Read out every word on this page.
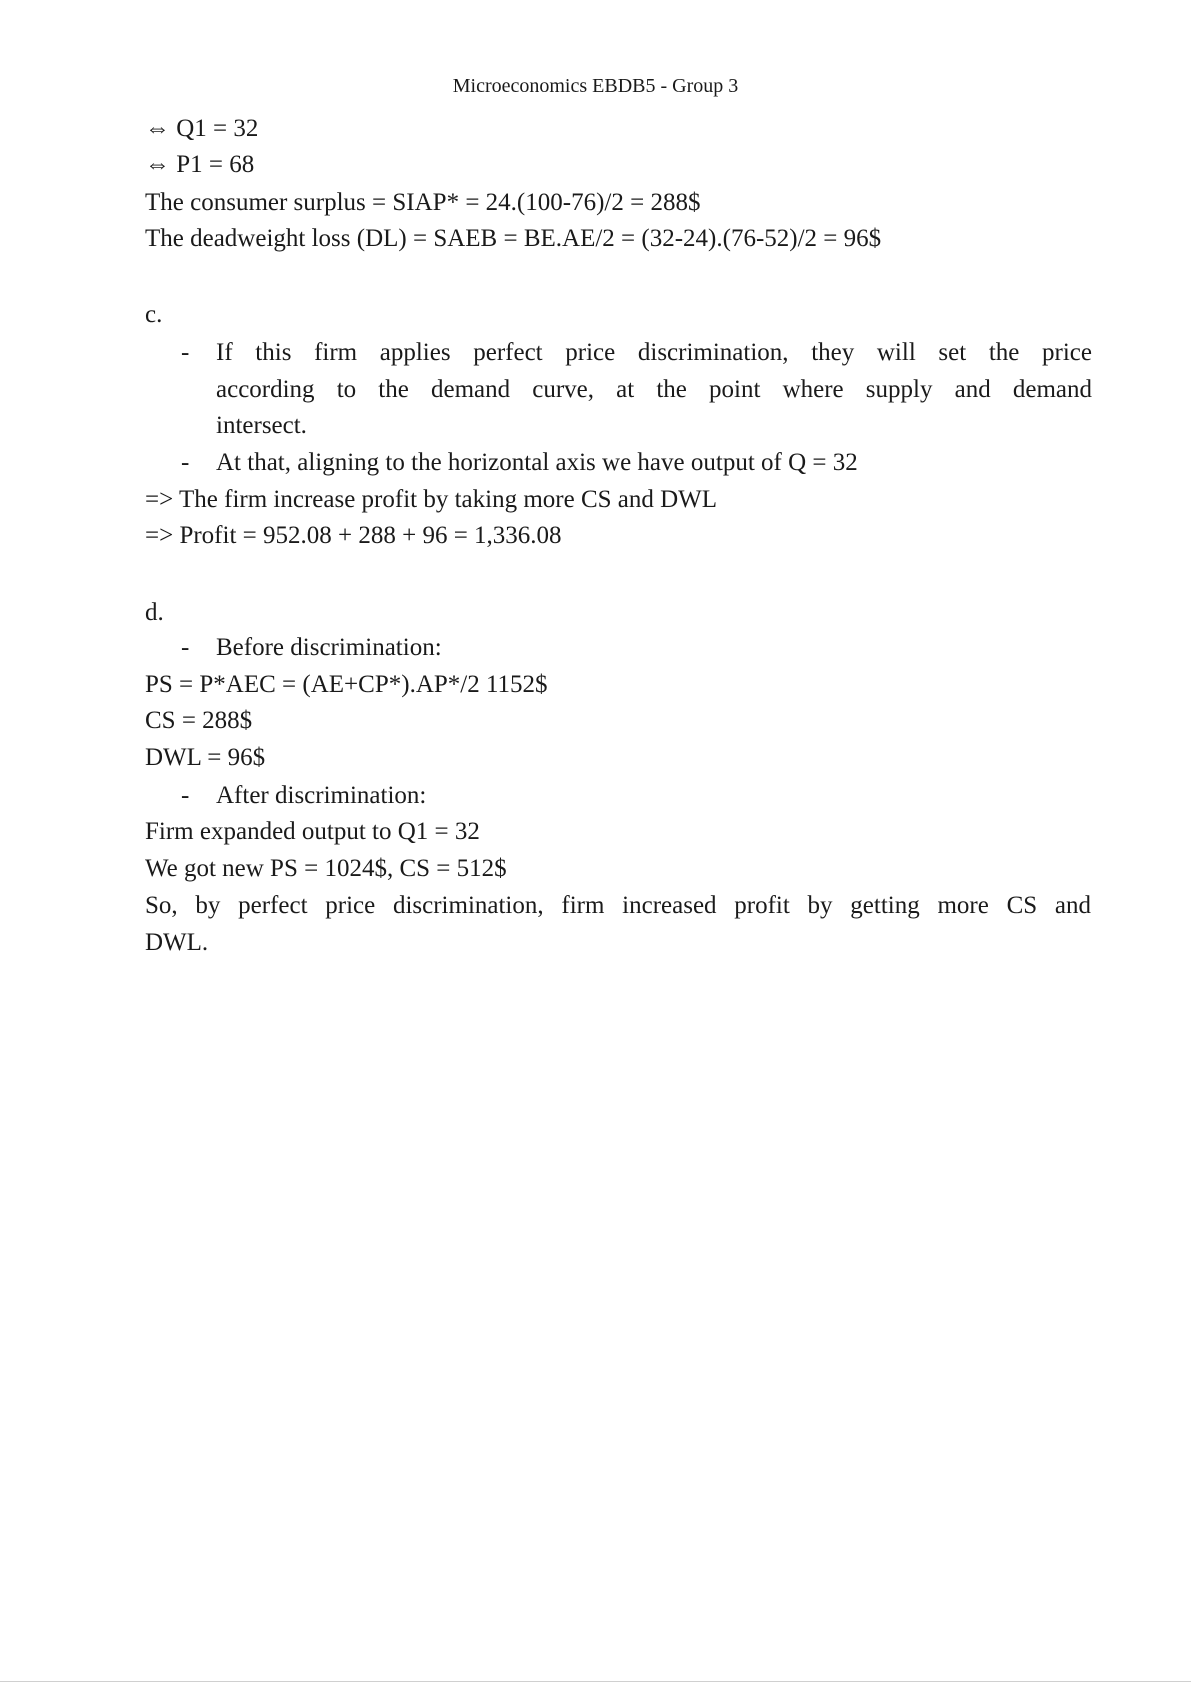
Microeconomics EBDB5 - Group 3
⇔ Q1 = 32
⇔ P1 = 68
The consumer surplus = SIAP* = 24.(100-76)/2 = 288$
The deadweight loss (DL) = SAEB = BE.AE/2 = (32-24).(76-52)/2 = 96$
c.
- If this firm applies perfect price discrimination, they will set the price
according to the demand curve, at the point where supply and demand
intersect.
- At that, aligning to the horizontal axis we have output of Q = 32
=> The firm increase profit by taking more CS and DWL
=> Profit = 952.08 + 288 + 96 = 1,336.08
d.
- Before discrimination:
PS = P*AEC = (AE+CP*).AP*/2 1152$
CS = 288$
DWL = 96$
- After discrimination:
Firm expanded output to Q1 = 32
We got new PS = 1024$, CS = 512$
So, by perfect price discrimination, firm increased profit by getting more CS and
DWL.
